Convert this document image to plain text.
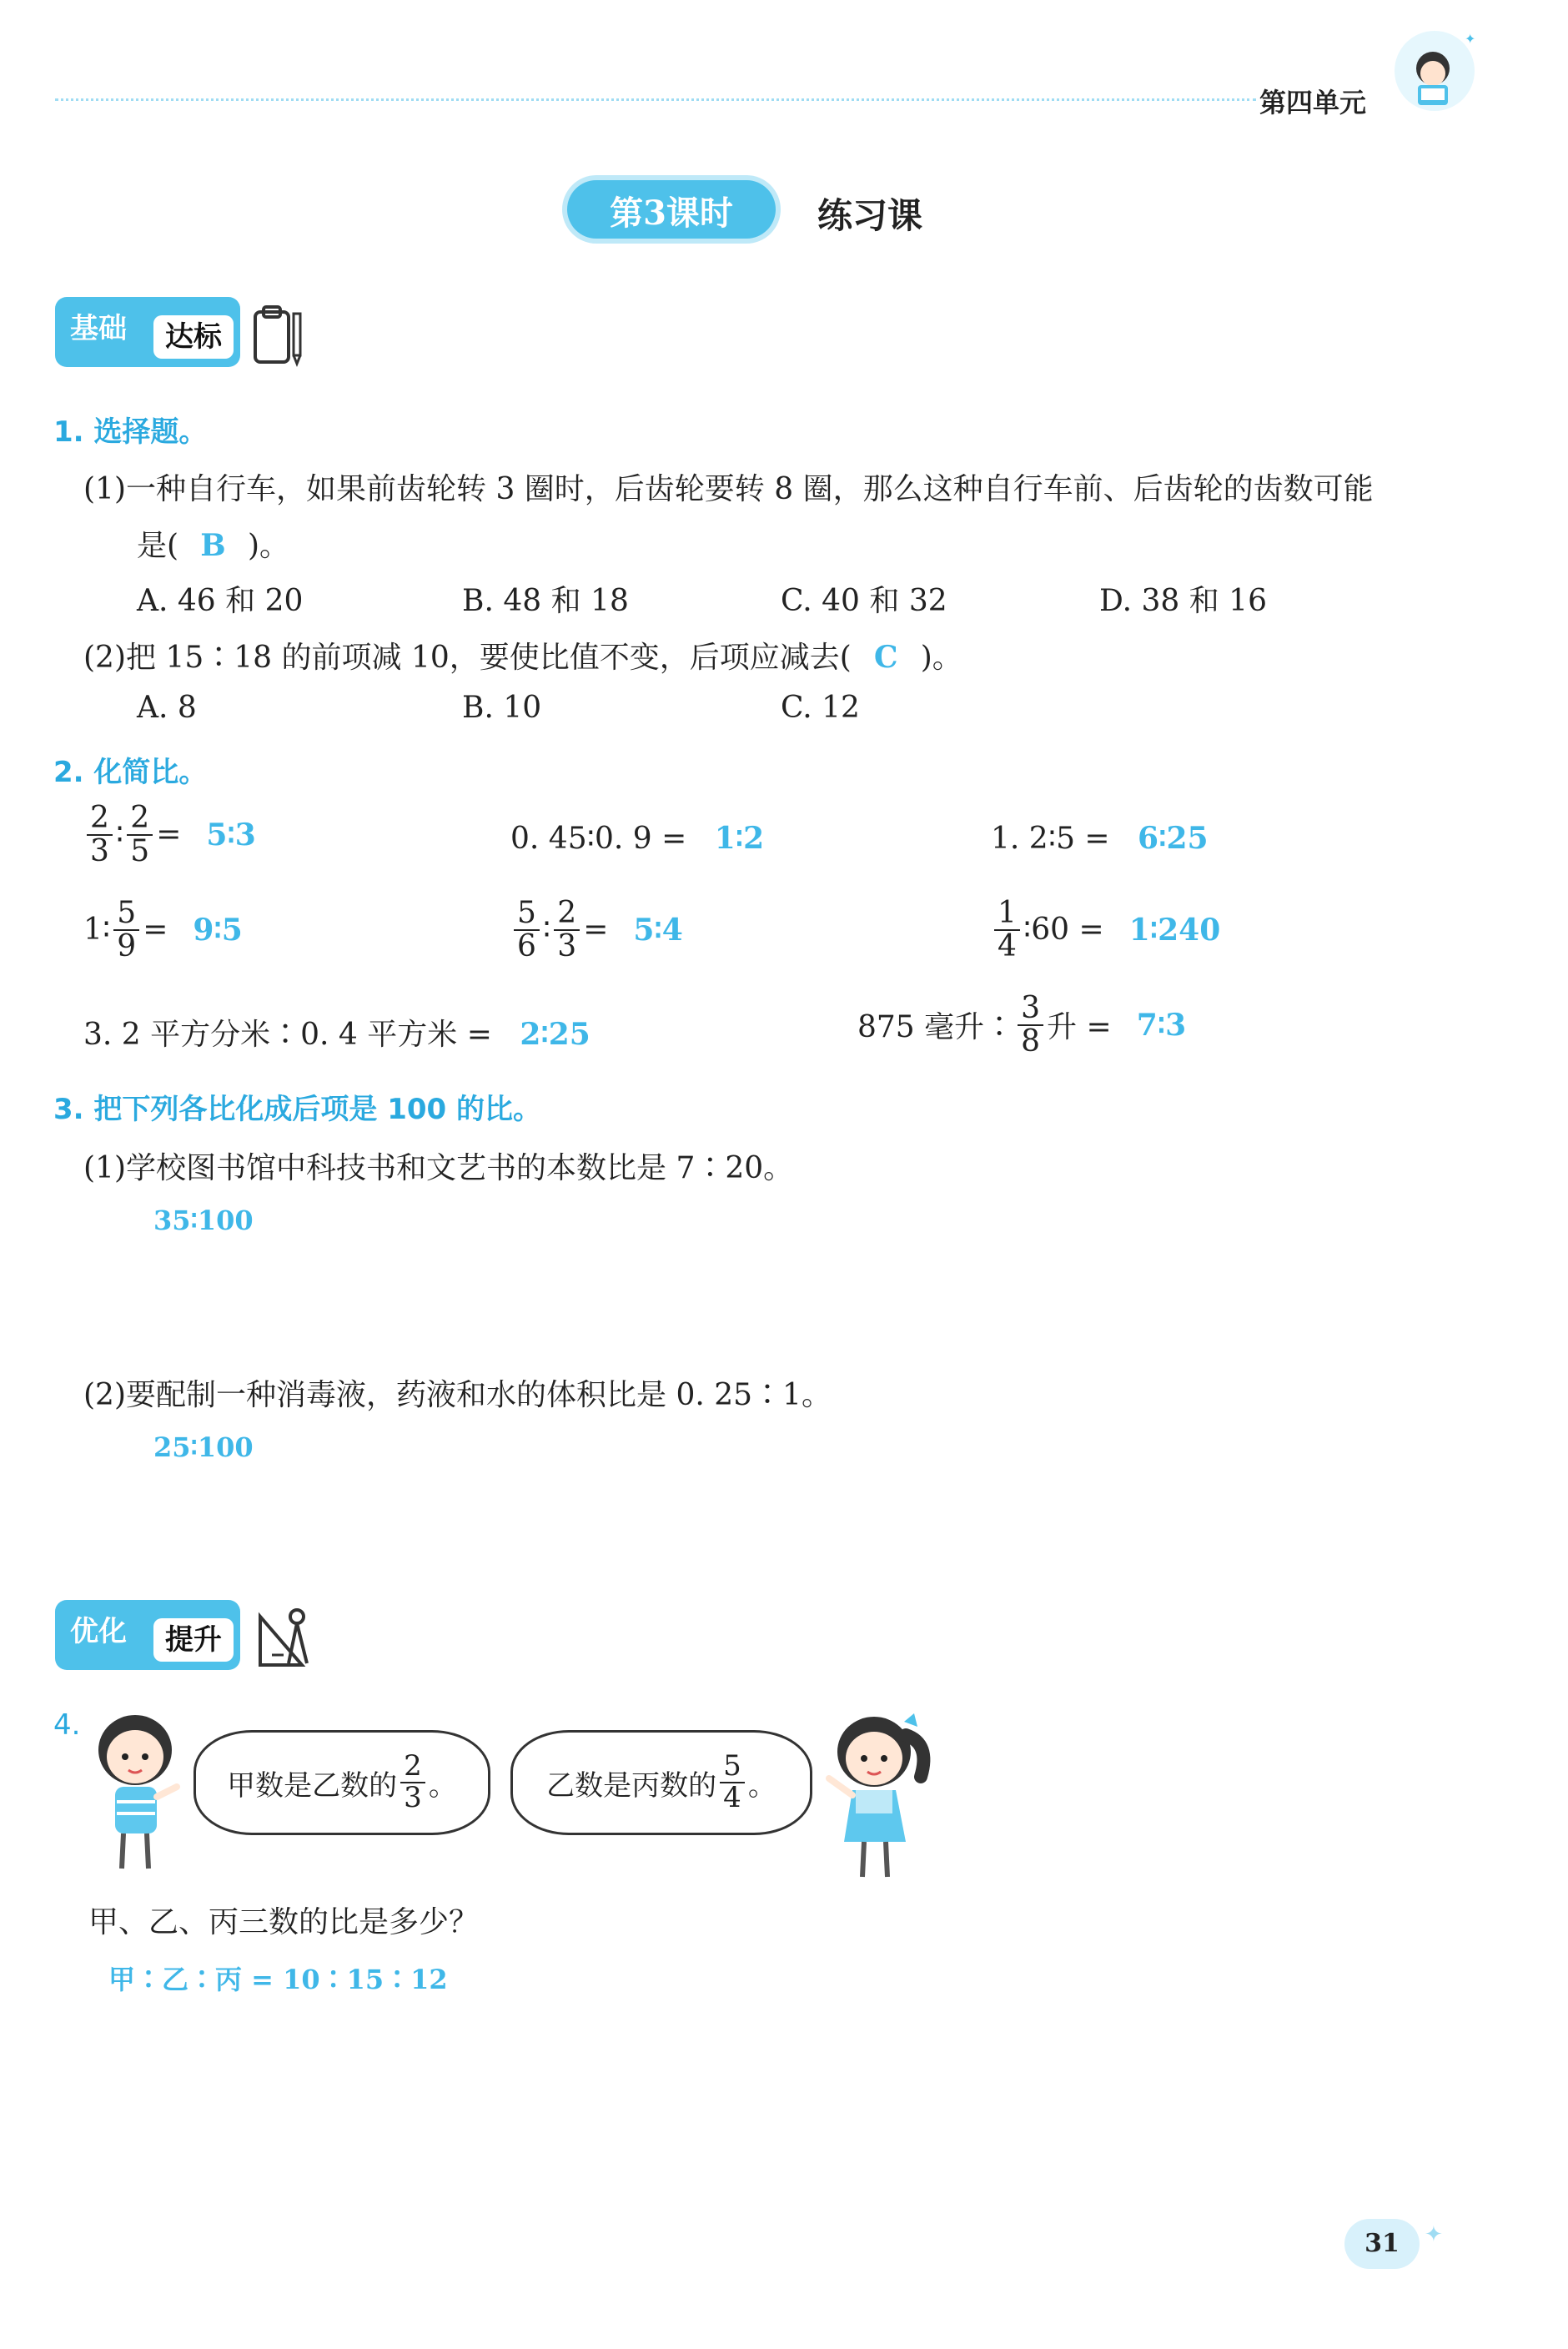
第四单元
✦
第3课时	练习课
基础	达标
1. 选择题。
(1)一种自行车，如果前齿轮转 3 圈时，后齿轮要转 8 圈，那么这种自行车前、后齿轮的齿数可能
是( B )。
A. 46 和 20	B. 48 和 18	C. 40 和 32	D. 38 和 16
(2)把 15∶18 的前项减 10，要使比值不变，后项应减去( C )。
A. 8	B. 10	C. 12
2. 化简比。
$\frac{2}{3}$ ∶ $\frac{2}{5}$ = 5∶3	0. 45∶0. 9 = 1∶2	1. 2∶5 = 6∶25
1∶ $\frac{5}{9}$ = 9∶5	$\frac{5}{6}$ ∶ $\frac{2}{3}$ = 5∶4	$\frac{1}{4}$ ∶60 = 1∶240
3. 2 平方分米∶0. 4 平方米 = 2∶25	875 毫升∶ $\frac{3}{8}$ 升 = 7∶3
3. 把下列各比化成后项是 100 的比。
(1)学校图书馆中科技书和文艺书的本数比是 7∶20。
35∶100
(2)要配制一种消毒液，药液和水的体积比是 0. 25∶1。
25∶100
优化	提升
4.
甲数是乙数的 $\frac{2}{3}$ 。	乙数是丙数的 $\frac{5}{4}$ 。
甲、乙、丙三数的比是多少？
甲∶乙∶丙 = 10∶15∶12
31	✦
